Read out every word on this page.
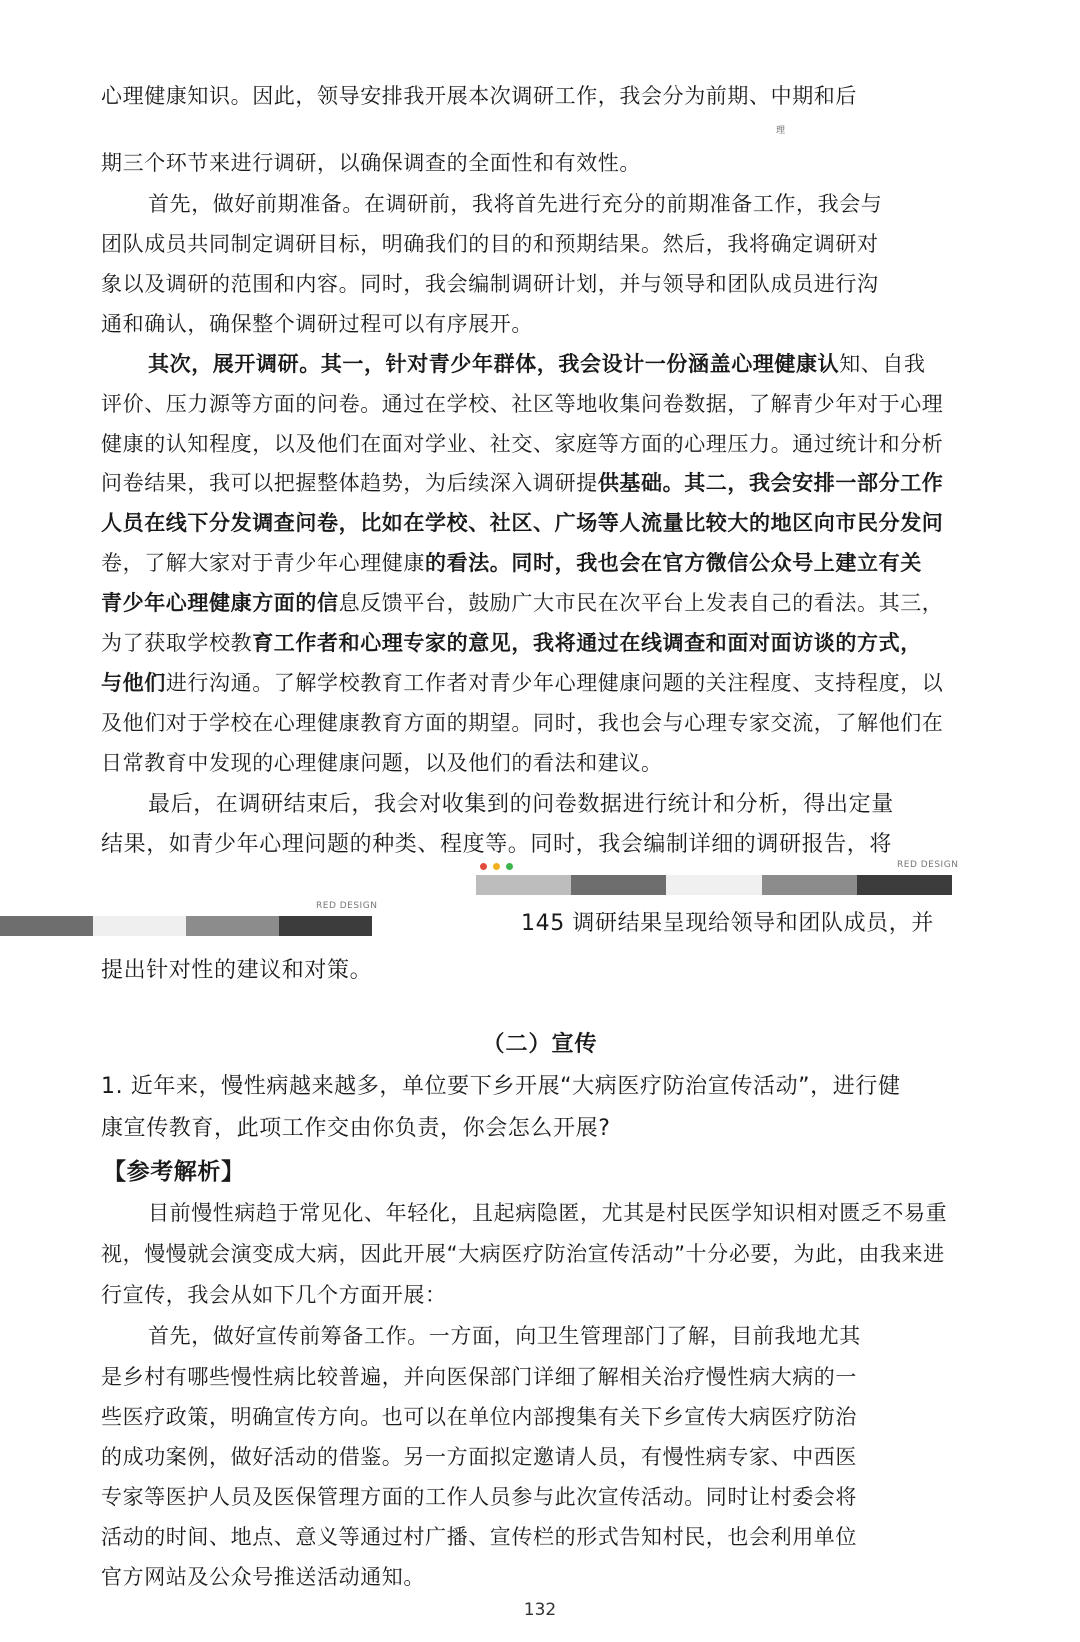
心理健康知识。因此，领导安排我开展本次调研工作，我会分为前期、中期和后
理
期三个环节来进行调研，以确保调查的全面性和有效性。
首先，做好前期准备。在调研前，我将首先进行充分的前期准备工作，我会与
团队成员共同制定调研目标，明确我们的目的和预期结果。然后，我将确定调研对
象以及调研的范围和内容。同时，我会编制调研计划，并与领导和团队成员进行沟
通和确认，确保整个调研过程可以有序展开。
其次，展开调研。其一，针对青少年群体，我会设计一份涵盖心理健康认知、自我
评价、压力源等方面的问卷。通过在学校、社区等地收集问卷数据，了解青少年对于心理
健康的认知程度，以及他们在面对学业、社交、家庭等方面的心理压力。通过统计和分析
问卷结果，我可以把握整体趋势，为后续深入调研提供基础。其二，我会安排一部分工作
人员在线下分发调查问卷，比如在学校、社区、广场等人流量比较大的地区向市民分发问
卷，了解大家对于青少年心理健康的看法。同时，我也会在官方微信公众号上建立有关
青少年心理健康方面的信息反馈平台，鼓励广大市民在次平台上发表自己的看法。其三，
为了获取学校教育工作者和心理专家的意见，我将通过在线调查和面对面访谈的方式，
与他们进行沟通。了解学校教育工作者对青少年心理健康问题的关注程度、支持程度，以
及他们对于学校在心理健康教育方面的期望。同时，我也会与心理专家交流，了解他们在
日常教育中发现的心理健康问题，以及他们的看法和建议。
最后，在调研结束后，我会对收集到的问卷数据进行统计和分析，得出定量
结果，如青少年心理问题的种类、程度等。同时，我会编制详细的调研报告，将
RED DESIGN
RED DESIGN
145 调研结果呈现给领导和团队成员，并
提出针对性的建议和对策。
（二）宣传
1. 近年来，慢性病越来越多，单位要下乡开展“大病医疗防治宣传活动”，进行健
康宣传教育，此项工作交由你负责，你会怎么开展?
【参考解析】
目前慢性病趋于常见化、年轻化，且起病隐匿，尤其是村民医学知识相对匮乏不易重
视，慢慢就会演变成大病，因此开展“大病医疗防治宣传活动”十分必要，为此，由我来进
行宣传，我会从如下几个方面开展：
首先，做好宣传前筹备工作。一方面，向卫生管理部门了解，目前我地尤其
是乡村有哪些慢性病比较普遍，并向医保部门详细了解相关治疗慢性病大病的一
些医疗政策，明确宣传方向。也可以在单位内部搜集有关下乡宣传大病医疗防治
的成功案例，做好活动的借鉴。另一方面拟定邀请人员，有慢性病专家、中西医
专家等医护人员及医保管理方面的工作人员参与此次宣传活动。同时让村委会将
活动的时间、地点、意义等通过村广播、宣传栏的形式告知村民，也会利用单位
官方网站及公众号推送活动通知。
132
